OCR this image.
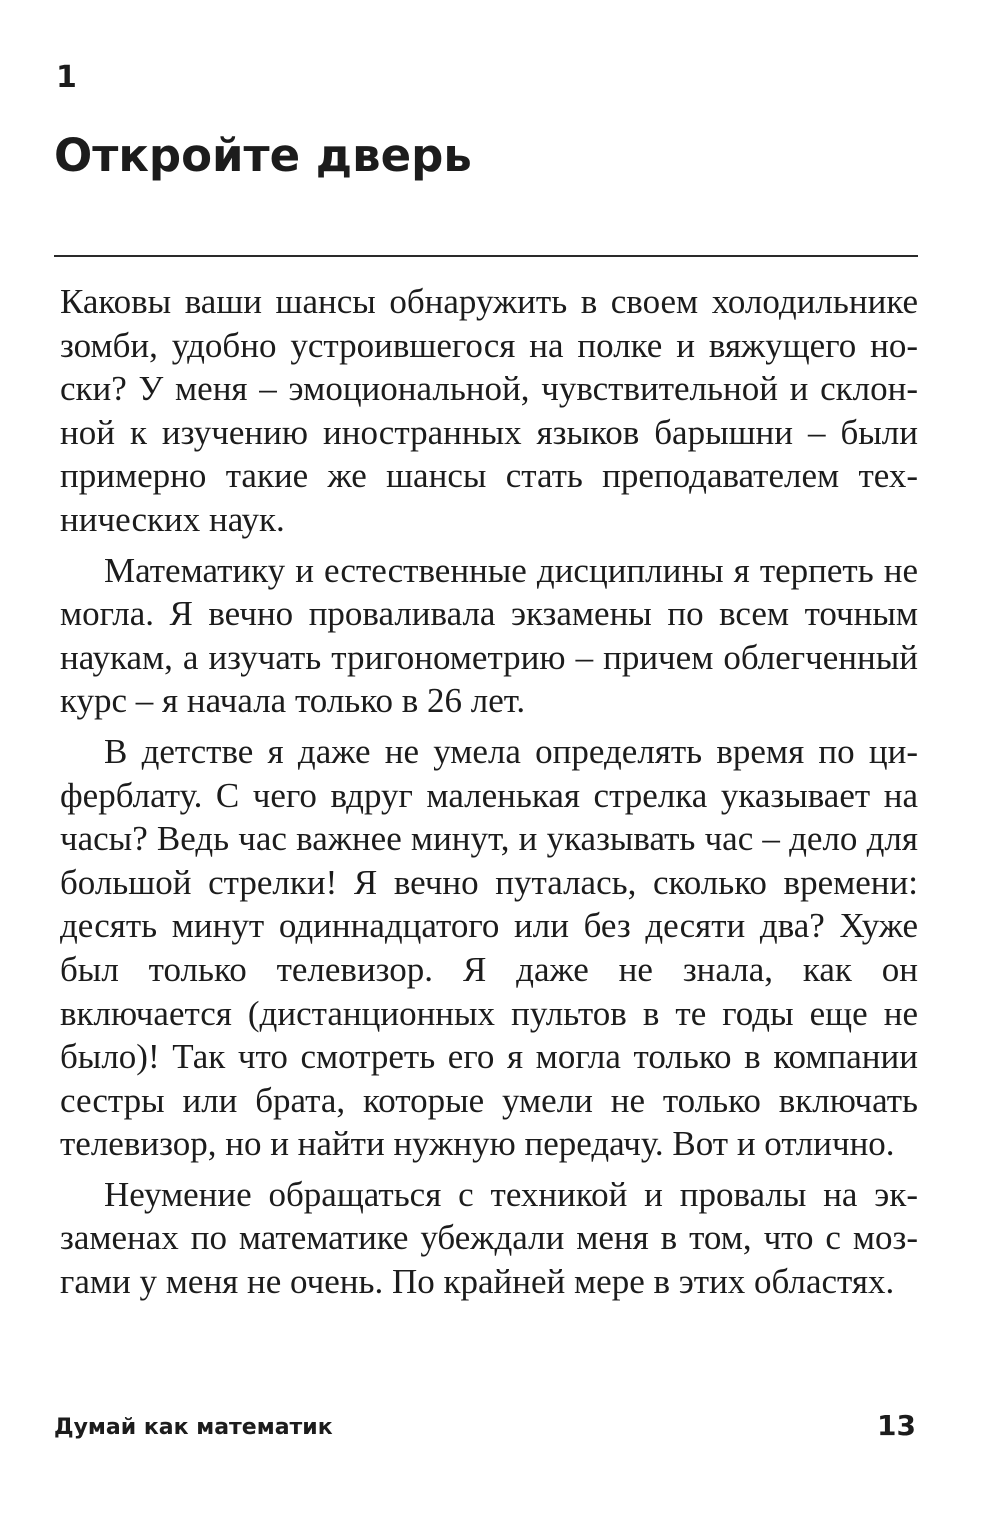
1
Откройте дверь

Каковы ваши шансы обнаружить в своем холодильнике зомби, удобно устроившегося на полке и вяжущего носки? У меня – эмоциональной, чувствительной и склонной к изучению иностранных языков барышни – были примерно такие же шансы стать преподавателем технических наук.

Математику и естественные дисциплины я терпеть не могла. Я вечно проваливала экзамены по всем точным наукам, а изучать тригонометрию – причем облегченный курс – я начала только в 26 лет.

В детстве я даже не умела определять время по циферблату. С чего вдруг маленькая стрелка указывает на часы? Ведь час важнее минут, и указывать час – дело для большой стрелки! Я вечно путалась, сколько времени: десять минут одиннадцатого или без десяти два? Хуже был только телевизор. Я даже не знала, как он включается (дистанционных пультов в те годы еще не было)! Так что смотреть его я могла только в компании сестры или брата, которые умели не только включать телевизор, но и найти нужную передачу. Вот и отлично.

Неумение обращаться с техникой и провалы на экзаменах по математике убеждали меня в том, что с мозгами у меня не очень. По крайней мере в этих областях.

Думай как математик	13
